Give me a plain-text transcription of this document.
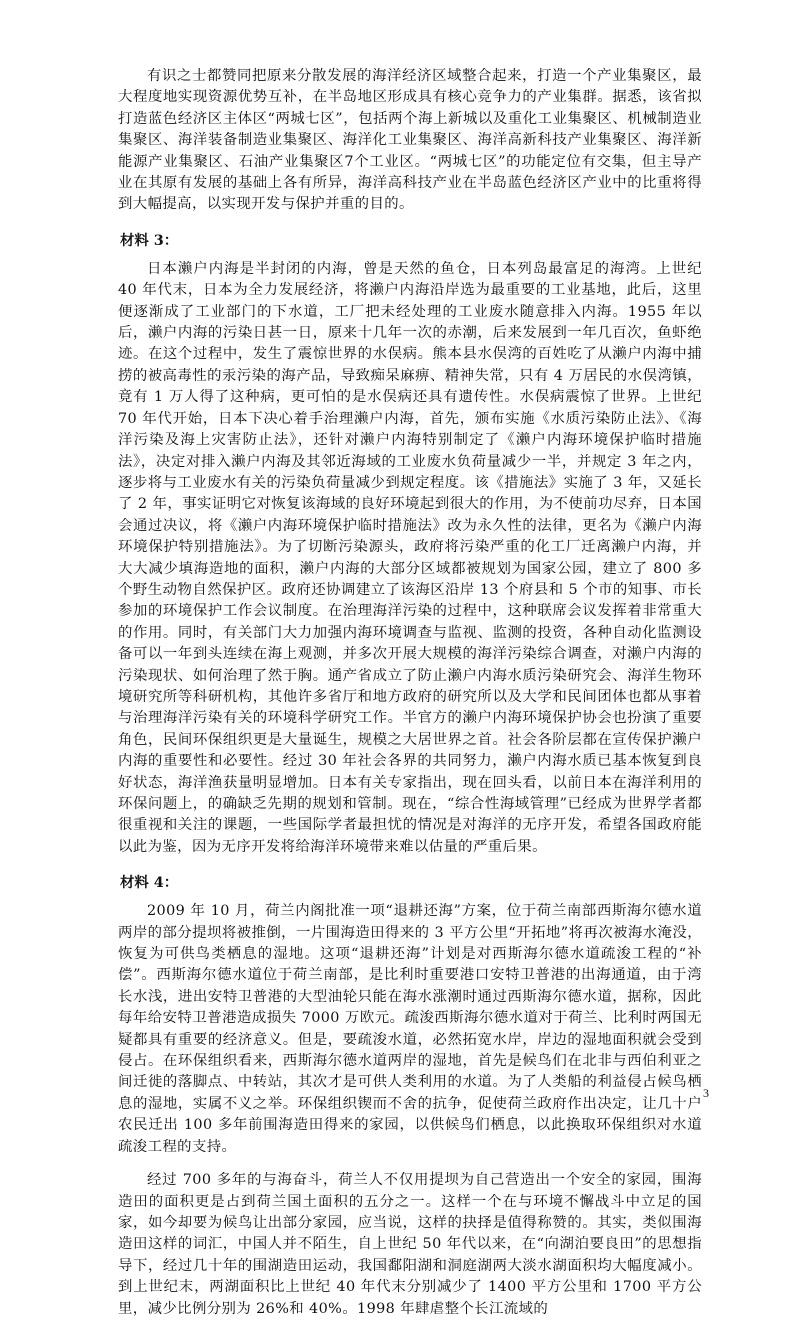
有识之士都赞同把原来分散发展的海洋经济区域整合起来，打造一个产业集聚区，最大程度地实现资源优势互补，在半岛地区形成具有核心竞争力的产业集群。据悉，该省拟打造蓝色经济区主体区“两城七区”，包括两个海上新城以及重化工业集聚区、机械制造业集聚区、海洋装备制造业集聚区、海洋化工业集聚区、海洋高新科技产业集聚区、海洋新能源产业集聚区、石油产业集聚区7个工业区。“两城七区”的功能定位有交集，但主导产业在其原有发展的基础上各有所异，海洋高科技产业在半岛蓝色经济区产业中的比重将得到大幅提高，以实现开发与保护并重的目的。

材料 3：

日本濑户内海是半封闭的内海，曾是天然的鱼仓，日本列岛最富足的海湾。上世纪 40 年代末，日本为全力发展经济，将濑户内海沿岸选为最重要的工业基地，此后，这里便逐渐成了工业部门的下水道，工厂把未经处理的工业废水随意排入内海。1955 年以后，濑户内海的污染日甚一日，原来十几年一次的赤潮，后来发展到一年几百次，鱼虾绝迹。在这个过程中，发生了震惊世界的水俣病。熊本县水俣湾的百姓吃了从濑户内海中捕捞的被高毒性的汞污染的海产品，导致痴呆麻痹、精神失常，只有 4 万居民的水俣湾镇，竟有 1 万人得了这种病，更可怕的是水俣病还具有遗传性。水俣病震惊了世界。上世纪 70 年代开始，日本下决心着手治理濑户内海，首先，颁布实施《水质污染防止法》、《海洋污染及海上灾害防止法》，还针对濑户内海特别制定了《濑户内海环境保护临时措施法》，决定对排入濑户内海及其邻近海域的工业废水负荷量减少一半，并规定 3 年之内，逐步将与工业废水有关的污染负荷量减少到规定程度。该《措施法》实施了 3 年，又延长了 2 年，事实证明它对恢复该海域的良好环境起到很大的作用，为不使前功尽弃，日本国会通过决议，将《濑户内海环境保护临时措施法》改为永久性的法律，更名为《濑户内海环境保护特别措施法》。为了切断污染源头，政府将污染严重的化工厂迁离濑户内海，并大大减少填海造地的面积，濑户内海的大部分区域都被规划为国家公园，建立了 800 多个野生动物自然保护区。政府还协调建立了该海区沿岸 13 个府县和 5 个市的知事、市长参加的环境保护工作会议制度。在治理海洋污染的过程中，这种联席会议发挥着非常重大的作用。同时，有关部门大力加强内海环境调查与监视、监测的投资，各种自动化监测设备可以一年到头连续在海上观测，并多次开展大规模的海洋污染综合调查，对濑户内海的污染现状、如何治理了然于胸。通产省成立了防止濑户内海水质污染研究会、海洋生物环境研究所等科研机构，其他许多省厅和地方政府的研究所以及大学和民间团体也都从事着与治理海洋污染有关的环境科学研究工作。半官方的濑户内海环境保护协会也扮演了重要角色，民间环保组织更是大量诞生，规模之大居世界之首。社会各阶层都在宣传保护濑户内海的重要性和必要性。经过 30 年社会各界的共同努力，濑户内海水质已基本恢复到良好状态，海洋渔获量明显增加。日本有关专家指出，现在回头看，以前日本在海洋利用的环保问题上，的确缺乏先期的规划和管制。现在，“综合性海域管理”已经成为世界学者都很重视和关注的课题，一些国际学者最担忧的情况是对海洋的无序开发，希望各国政府能以此为鉴，因为无序开发将给海洋环境带来难以估量的严重后果。

材料 4：

2009 年 10 月，荷兰内阁批准一项“退耕还海”方案，位于荷兰南部西斯海尔德水道两岸的部分提坝将被推倒，一片围海造田得来的 3 平方公里“开拓地”将再次被海水淹没，恢复为可供鸟类栖息的湿地。这项“退耕还海”计划是对西斯海尔德水道疏浚工程的“补偿”。西斯海尔德水道位于荷兰南部，是比利时重要港口安特卫普港的出海通道，由于湾长水浅，进出安特卫普港的大型油轮只能在海水涨潮时通过西斯海尔德水道，据称，因此每年给安特卫普港造成损失 7000 万欧元。疏浚西斯海尔德水道对于荷兰、比利时两国无疑都具有重要的经济意义。但是，要疏浚水道，必然拓宽水岸，岸边的湿地面积就会受到侵占。在环保组织看来，西斯海尔德水道两岸的湿地，首先是候鸟们在北非与西伯利亚之间迁徙的落脚点、中转站，其次才是可供人类利用的水道。为了人类船的利益侵占候鸟栖息的湿地，实属不义之举。环保组织锲而不舍的抗争，促使荷兰政府作出决定，让几十户农民迁出 100 多年前围海造田得来的家园，以供候鸟们栖息，以此换取环保组织对水道疏浚工程的支持。

经过 700 多年的与海奋斗，荷兰人不仅用提坝为自己营造出一个安全的家园，围海造田的面积更是占到荷兰国土面积的五分之一。这样一个在与环境不懈战斗中立足的国家，如今却要为候鸟让出部分家园，应当说，这样的抉择是值得称赞的。其实，类似围海造田这样的词汇，中国人并不陌生，自上世纪 50 年代以来，在“向湖泊要良田”的思想指导下，经过几十年的围湖造田运动，我国鄱阳湖和洞庭湖两大淡水湖面积均大幅度减小。到上世纪末，两湖面积比上世纪 40 年代末分别减少了 1400 平方公里和 1700 平方公里，减少比例分别为 26%和 40%。1998 年肆虐整个长江流域的

3
